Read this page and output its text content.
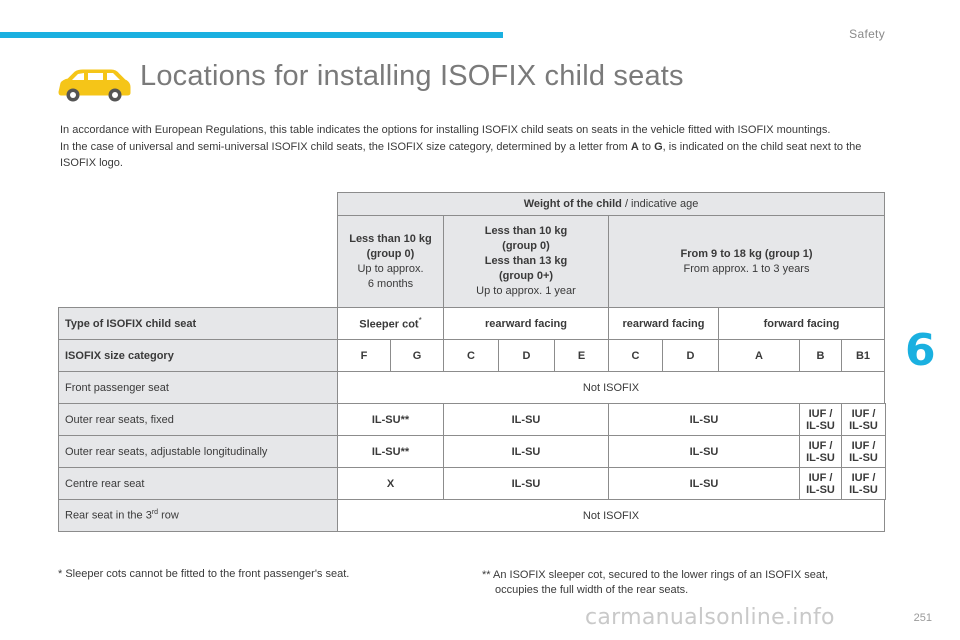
Safety
Locations for installing ISOFIX child seats

In accordance with European Regulations, this table indicates the options for installing ISOFIX child seats on seats in the vehicle fitted with ISOFIX mountings.

In the case of universal and semi-universal ISOFIX child seats, the ISOFIX size category, determined by a letter from A to G, is indicated on the child seat next to the ISOFIX logo.

6
	Weight of the child / indicative age									
	Less than 10 kg
(group 0)
Up to approx.
6 months		Less than 10 kg
(group 0)
Less than 13 kg
(group 0+)
Up to approx. 1 year			From 9 to 18 kg (group 1)
From approx. 1 to 3 years				
Type of ISOFIX child seat	Sleeper cot*		rearward facing			rearward facing		forward facing		
ISOFIX size category	F	G	C	D	E	C	D	A	B	B1
Front passenger seat	Not ISOFIX									
Outer rear seats, fixed	IL-SU**		IL-SU			IL-SU			IUF / IL-SU	IUF / IL-SU
Outer rear seats, adjustable longitudinally	IL-SU**		IL-SU			IL-SU			IUF / IL-SU	IUF / IL-SU
Centre rear seat	X		IL-SU			IL-SU			IUF / IL-SU	IUF / IL-SU
Rear seat in the 3rd row	Not ISOFIX									
* Sleeper cots cannot be fitted to the front passenger's seat.	** An ISOFIX sleeper cot, secured to the lower rings of an ISOFIX seat,
occupies the full width of the rear seats.
carmanualsonline.info	251
